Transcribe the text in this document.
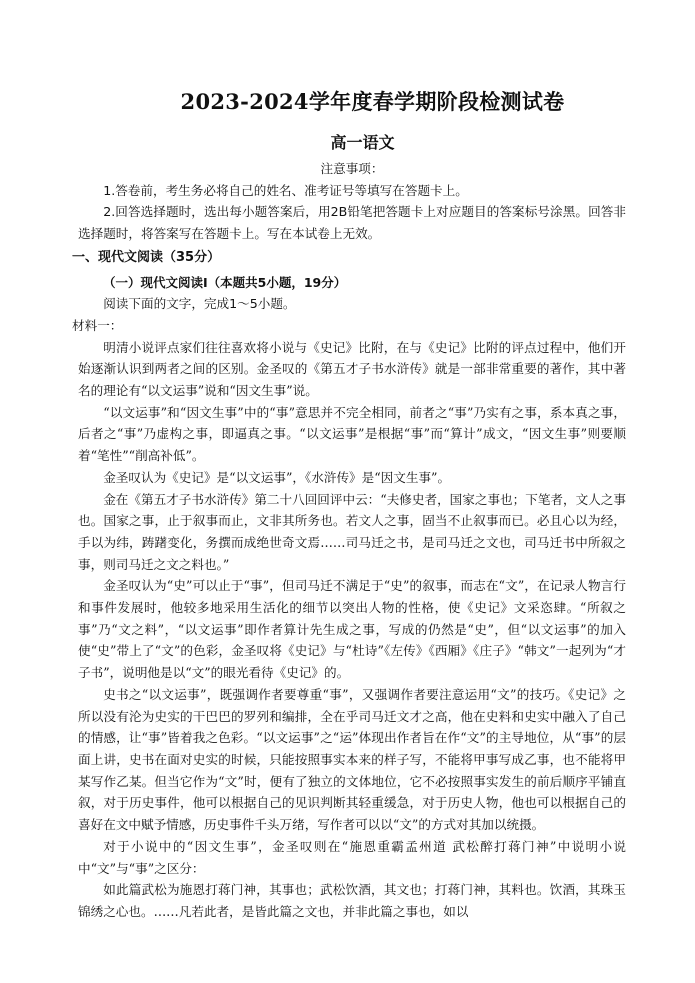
2023-2024学年度春学期阶段检测试卷
高一语文

注意事项：

1.答卷前，考生务必将自己的姓名、准考证号等填写在答题卡上。

2.回答选择题时，选出每小题答案后，用2B铅笔把答题卡上对应题目的答案标号涂黑。回答非选择题时，将答案写在答题卡上。写在本试卷上无效。

一、现代文阅读（35分）

（一）现代文阅读Ⅰ（本题共5小题，19分）

阅读下面的文字，完成1～5小题。

材料一：

明清小说评点家们往往喜欢将小说与《史记》比附，在与《史记》比附的评点过程中，他们开始逐渐认识到两者之间的区别。金圣叹的《第五才子书水浒传》就是一部非常重要的著作，其中著名的理论有“以文运事”说和“因文生事”说。

“以文运事”和“因文生事”中的“事”意思并不完全相同，前者之“事”乃实有之事，系本真之事，后者之“事”乃虚构之事，即逼真之事。“以文运事”是根据“事”而“算计”成文，“因文生事”则要顺着“笔性”“削高补低”。

金圣叹认为《史记》是“以文运事”，《水浒传》是“因文生事”。

金在《第五才子书水浒传》第二十八回回评中云：“夫修史者，国家之事也；下笔者，文人之事也。国家之事，止于叙事而止，文非其所务也。若文人之事，固当不止叙事而已。必且心以为经，手以为纬，踌躇变化，务撰而成绝世奇文焉……司马迁之书，是司马迁之文也，司马迁书中所叙之事，则司马迁之文之料也。”

金圣叹认为“史”可以止于“事”，但司马迁不满足于“史”的叙事，而志在“文”，在记录人物言行和事件发展时，他较多地采用生活化的细节以突出人物的性格，使《史记》文采恣肆。“所叙之事”乃“文之料”，“以文运事”即作者算计先生成之事，写成的仍然是“史”，但“以文运事”的加入使“史”带上了“文”的色彩，金圣叹将《史记》与“杜诗”《左传》《西厢》《庄子》“韩文”一起列为“才子书”，说明他是以“文”的眼光看待《史记》的。

史书之“以文运事”，既强调作者要尊重“事”，又强调作者要注意运用“文”的技巧。《史记》之所以没有沦为史实的干巴巴的罗列和编排，全在乎司马迁文才之高，他在史料和史实中融入了自己的情感，让“事”皆着我之色彩。“以文运事”之“运”体现出作者旨在作“文”的主导地位，从“事”的层面上讲，史书在面对史实的时候，只能按照事实本来的样子写，不能将甲事写成乙事，也不能将甲某写作乙某。但当它作为“文”时，便有了独立的文体地位，它不必按照事实发生的前后顺序平铺直叙，对于历史事件，他可以根据自己的见识判断其轻重缓急，对于历史人物，他也可以根据自己的喜好在文中赋予情感，历史事件千头万绪，写作者可以以“文”的方式对其加以统摄。

对于小说中的“因文生事”，金圣叹则在“施恩重霸孟州道 武松醉打蒋门神”中说明小说中“文”与“事”之区分：

如此篇武松为施恩打蒋门神，其事也；武松饮酒，其文也；打蒋门神，其料也。饮酒，其珠玉锦绣之心也。……凡若此者，是皆此篇之文也，并非此篇之事也，如以
